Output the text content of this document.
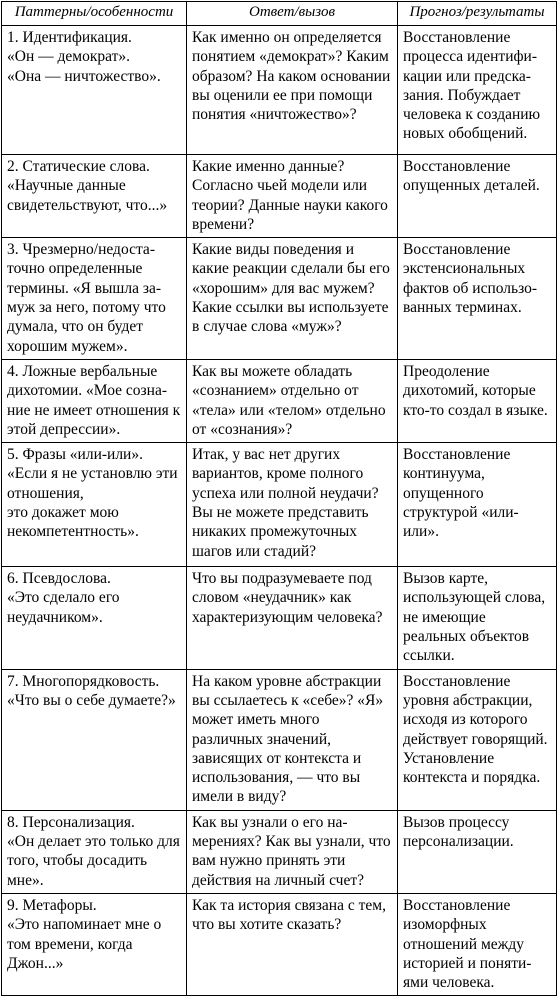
Паттерны/особенности	Ответ/вызов	Прогноз/результаты

1. Идентификация.
«Он — демократ».
«Она — ничтожество».	Как именно он определяется понятием «демократ»? Каким образом? На каком основании вы оценили ее при помощи понятия «ничтожество»?	Восстановление процесса идентификации или предсказания. Побуждает человека к созданию новых обобщений.

2. Статические слова.
«Научные данные свидетельствуют, что...»	Какие именно данные? Согласно чьей модели или теории? Данные науки какого времени?	Восстановление опущенных деталей.

3. Чрезмерно/недостаточно определенные термины. «Я вышла замуж за него, потому что думала, что он будет хорошим мужем».	Какие виды поведения и какие реакции сделали бы его «хорошим» для вас мужем? Какие ссылки вы используете в случае слова «муж»?	Восстановление экстенсиональных фактов об использованных терминах.

4. Ложные вербальные дихотомии. «Мое сознание не имеет отношения к этой депрессии».	Как вы можете обладать «сознанием» отдельно от «тела» или «телом» отдельно от «сознания»?	Преодоление дихотомий, которые кто-то создал в языке.

5. Фразы «или-или».
«Если я не установлю эти отношения,
это докажет мою некомпетентность».	Итак, у вас нет других вариантов, кроме полного успеха или полной неудачи? Вы не можете представить никаких промежуточных шагов или стадий?	Восстановление континуума, опущенного структурой «или-или».

6. Псевдослова.
«Это сделало его неудачником».	Что вы подразумеваете под словом «неудачник» как характеризующим человека?	Вызов карте, использующей слова, не имеющие реальных объектов ссылки.

7. Многопорядковость.
«Что вы о себе думаете?»	На каком уровне абстракции вы ссылаетесь к «себе»? «Я» может иметь много различных значений, зависящих от контекста и использования, — что вы имели в виду?	Восстановление уровня абстракции, исходя из которого действует говорящий. Установление контекста и порядка.

8. Персонализация.
«Он делает это только для того, чтобы досадить мне».	Как вы узнали о его намерениях? Как вы узнали, что вам нужно принять эти действия на личный счет?	Вызов процессу персонализации.

9. Метафоры.
«Это напоминает мне о том времени, когда Джон...»	Как та история связана с тем, что вы хотите сказать?	Восстановление изоморфных отношений между историей и понятиями человека.
